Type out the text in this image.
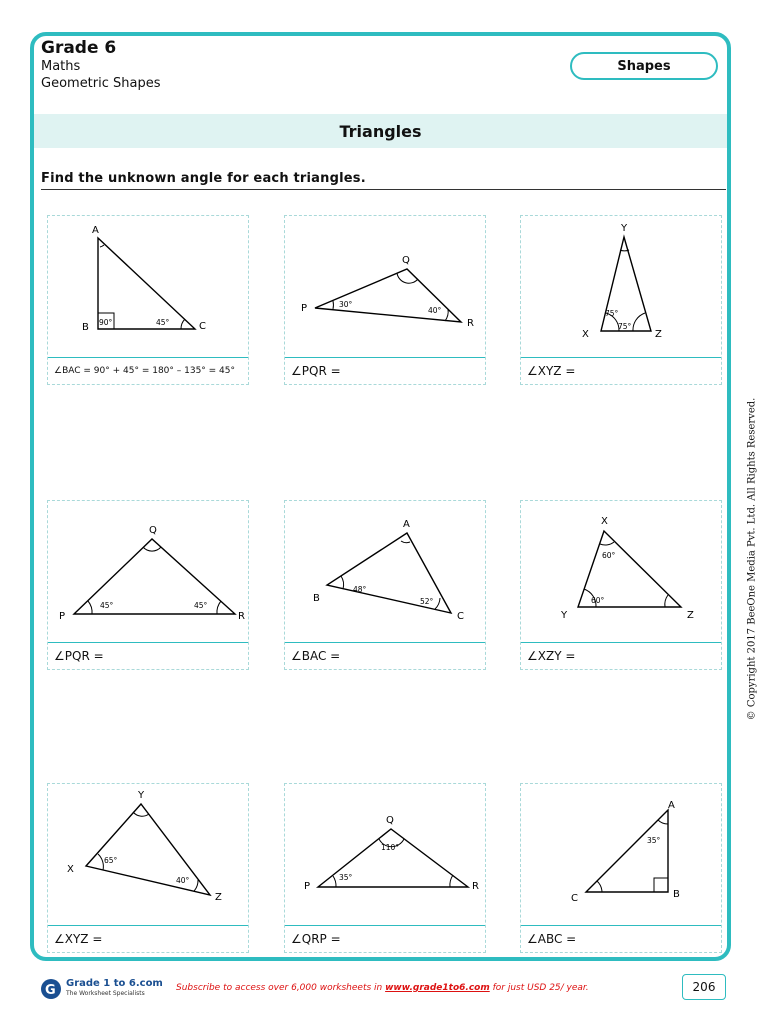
Grade 6
Maths
Geometric Shapes
Shapes
Triangles
Find the unknown angle for each triangles.
A
B	C
90°	45°
∠BAC = 90° + 45° = 180° – 135° = 45°
Q
P
R
30°
40°
∠PQR =
Y
X	Z
75°
75°
∠XYZ =
Q
P	R
45°	45°
∠PQR =
A
B
C
48°
52°
∠BAC =
X
Y	Z
60°
60°
∠XZY =
Y
X
Z
65°
40°
∠XYZ =
Q
P	R
110°
35°
∠QRP =
A
C	B
35°
∠ABC =
© Copyright 2017 BeeOne Media Pvt. Ltd. All Rights Reserved.
G Grade 1 to 6.com
The Worksheet Specialists
Subscribe to access over 6,000 worksheets in www.grade1to6.com for just USD 25/ year.	206
